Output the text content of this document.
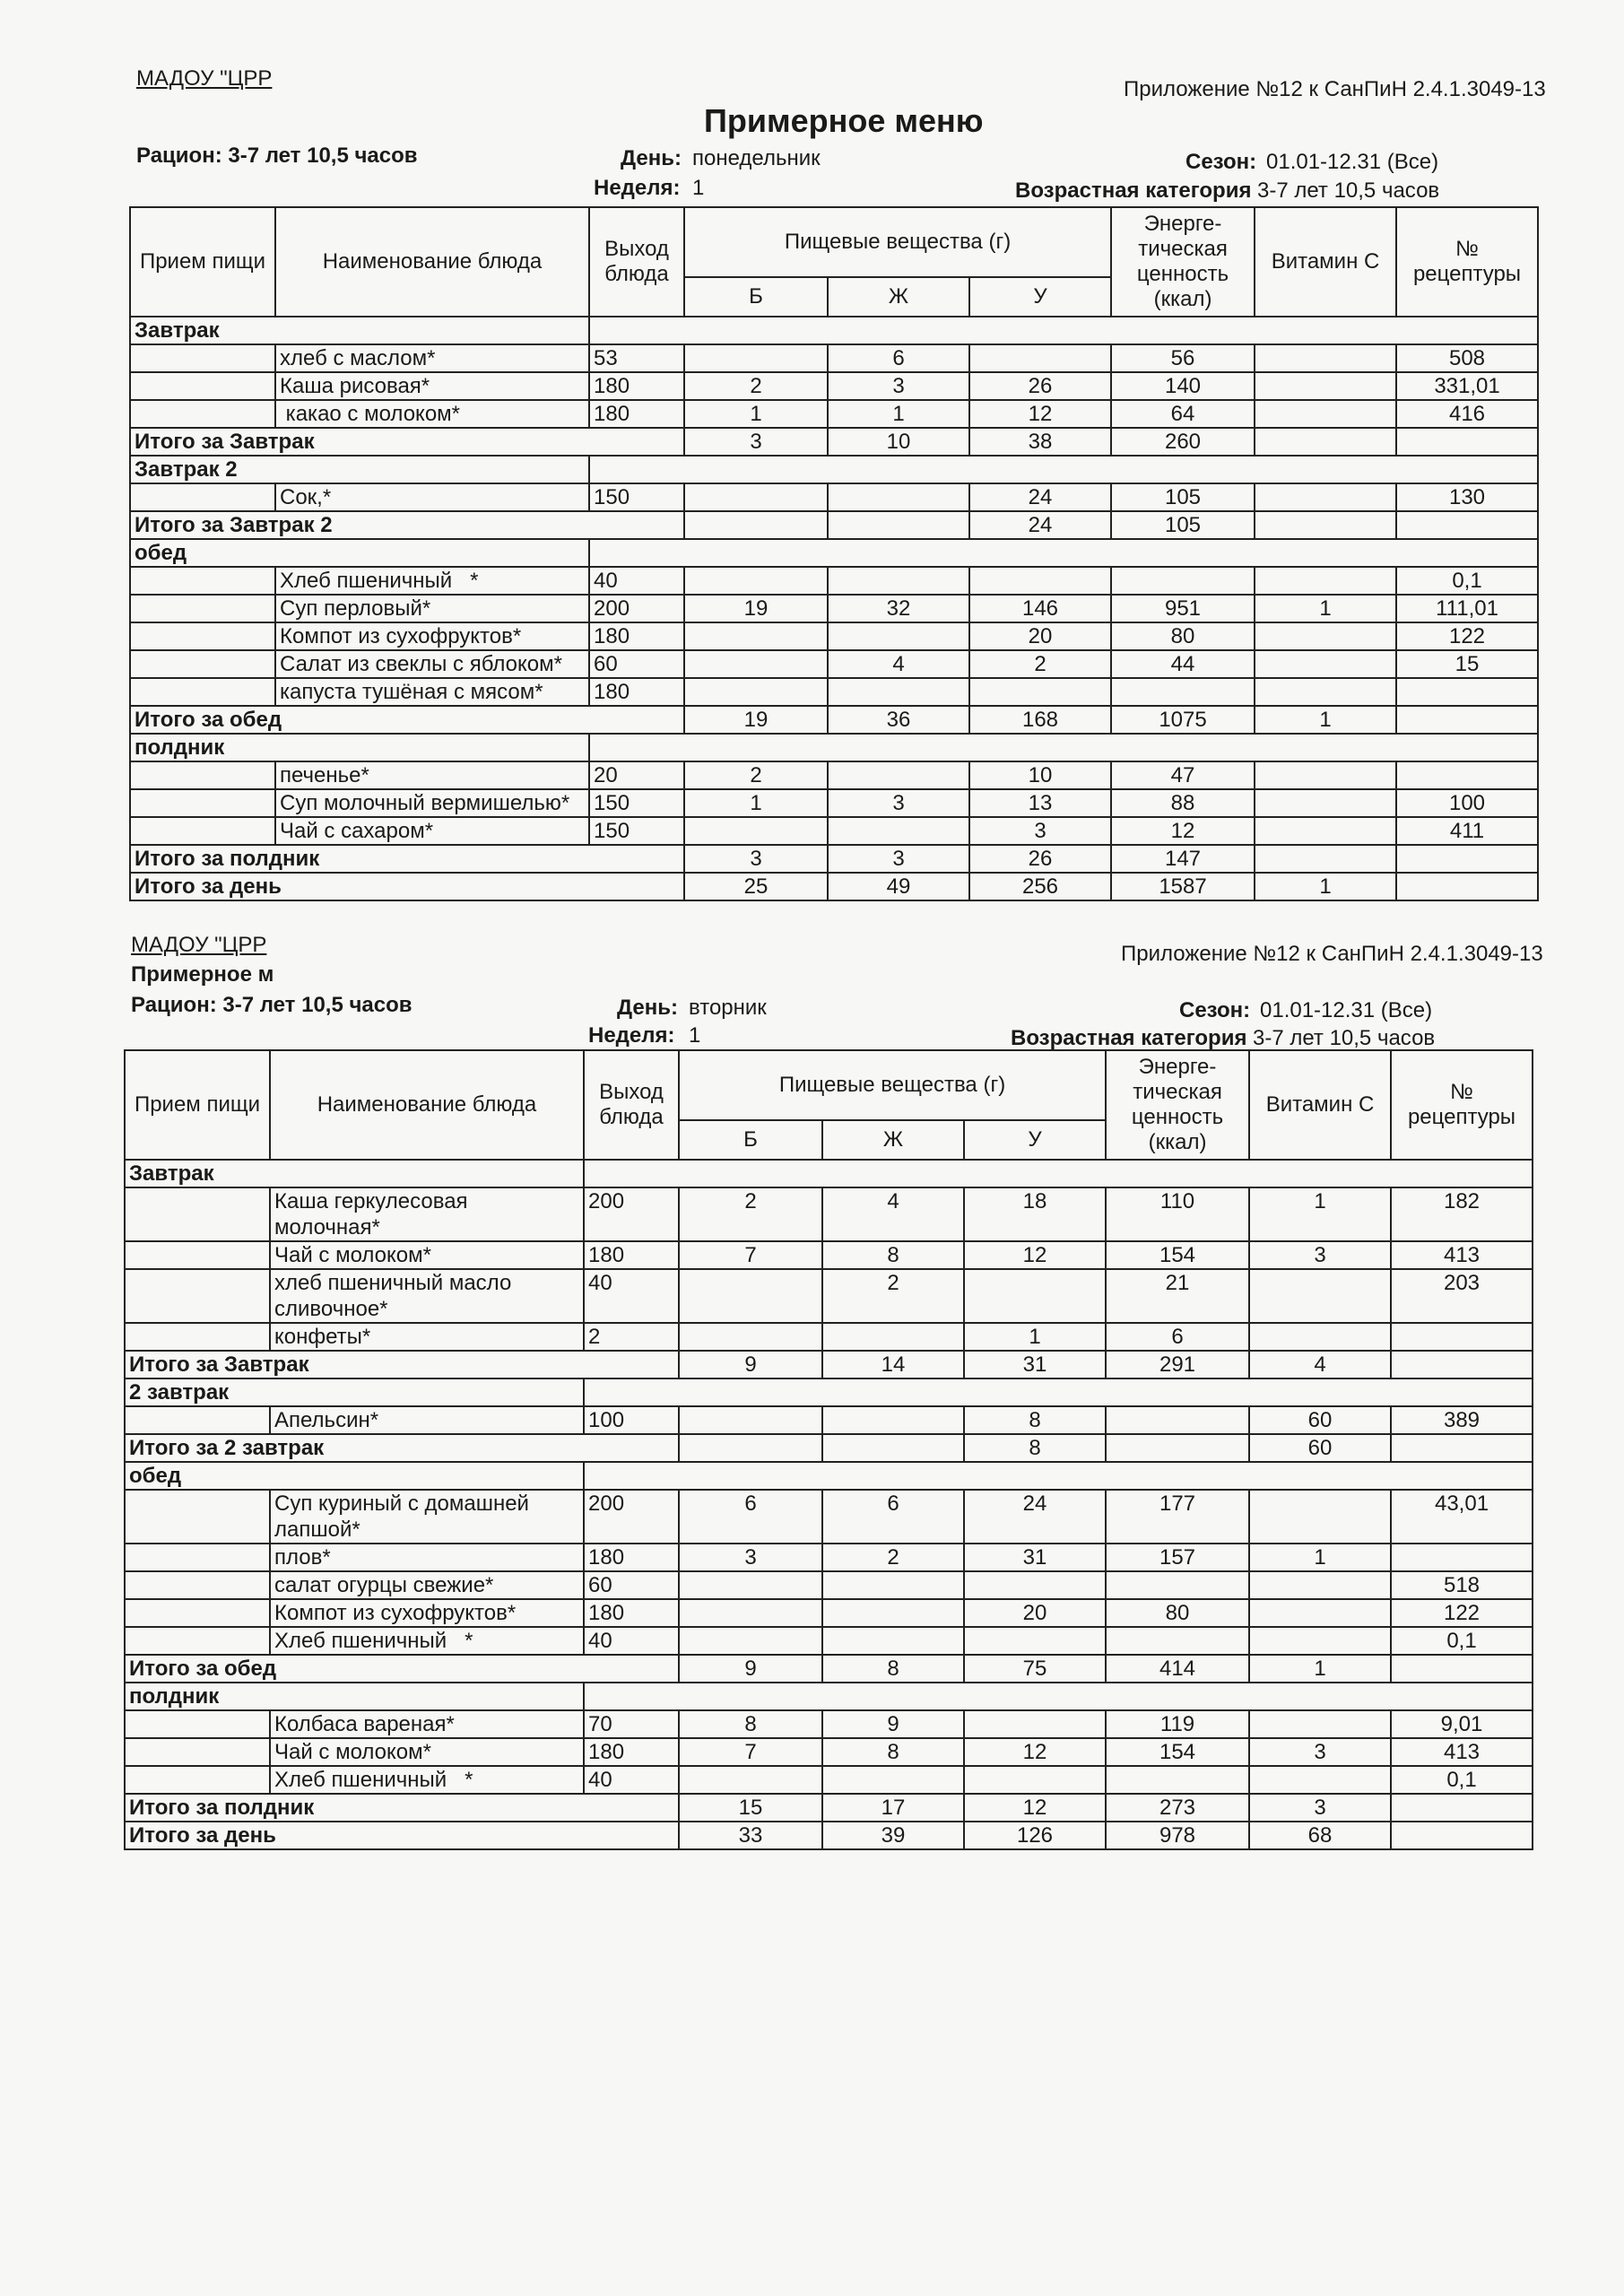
МАДОУ "ЦРР	Приложение №12 к СанПиН 2.4.1.3049-13
Примерное меню
Рацион: 3-7 лет 10,5 часов	День: понедельник	Сезон: 01.01-12.31 (Все)
Неделя: 1	Возрастная категория 3-7 лет 10,5 часов
Прием пищи	Наименование блюда	Выход блюда	Пищевые вещества (г)			Энерге-тическая ценность (ккал)	Витамин С	№ рецептуры
			Б	Ж	У			
Завтрак								
	хлеб с маслом*	53		6		56		508
	Каша рисовая*	180	2	3	26	140		331,01
	какао с молоком*	180	1	1	12	64		416
Итого за Завтрак			3	10	38	260		
Завтрак 2								
	Сок,*	150			24	105		130
Итого за Завтрак 2					24	105		
обед								
	Хлеб пшеничный   *	40						0,1
	Суп перловый*	200	19	32	146	951	1	111,01
	Компот из сухофруктов*	180			20	80		122
	Салат из свеклы с яблоком*	60		4	2	44		15
	капуста тушёная с мясом*	180						
Итого за обед			19	36	168	1075	1	
полдник								
	печенье*	20	2		10	47		
	Суп молочный вермишелью*	150	1	3	13	88		100
	Чай с сахаром*	150			3	12		411
Итого за полдник			3	3	26	147		
Итого за день			25	49	256	1587	1	
МАДОУ "ЦРР	Приложение №12 к СанПиН 2.4.1.3049-13
Примерное м
Рацион: 3-7 лет 10,5 часов	День: вторник	Сезон: 01.01-12.31 (Все)
Неделя: 1	Возрастная категория 3-7 лет 10,5 часов
Прием пищи	Наименование блюда	Выход блюда	Пищевые вещества (г)			Энерге-тическая ценность (ккал)	Витамин С	№ рецептуры
			Б	Ж	У			
Завтрак								
	Каша геркулесовая молочная*	200	2	4	18	110	1	182
	Чай с молоком*	180	7	8	12	154	3	413
	хлеб пшеничный масло сливочное*	40		2		21		203
	конфеты*	2			1	6		
Итого за Завтрак			9	14	31	291	4	
2 завтрак								
	Апельсин*	100			8		60	389
Итого за 2 завтрак					8		60	
обед								
	Суп куриный с домашней лапшой*	200	6	6	24	177		43,01
	плов*	180	3	2	31	157	1	
	салат огурцы свежие*	60						518
	Компот из сухофруктов*	180			20	80		122
	Хлеб пшеничный   *	40						0,1
Итого за обед			9	8	75	414	1	
полдник								
	Колбаса вареная*	70	8	9		119		9,01
	Чай с молоком*	180	7	8	12	154	3	413
	Хлеб пшеничный   *	40						0,1
Итого за полдник			15	17	12	273	3	
Итого за день			33	39	126	978	68	
